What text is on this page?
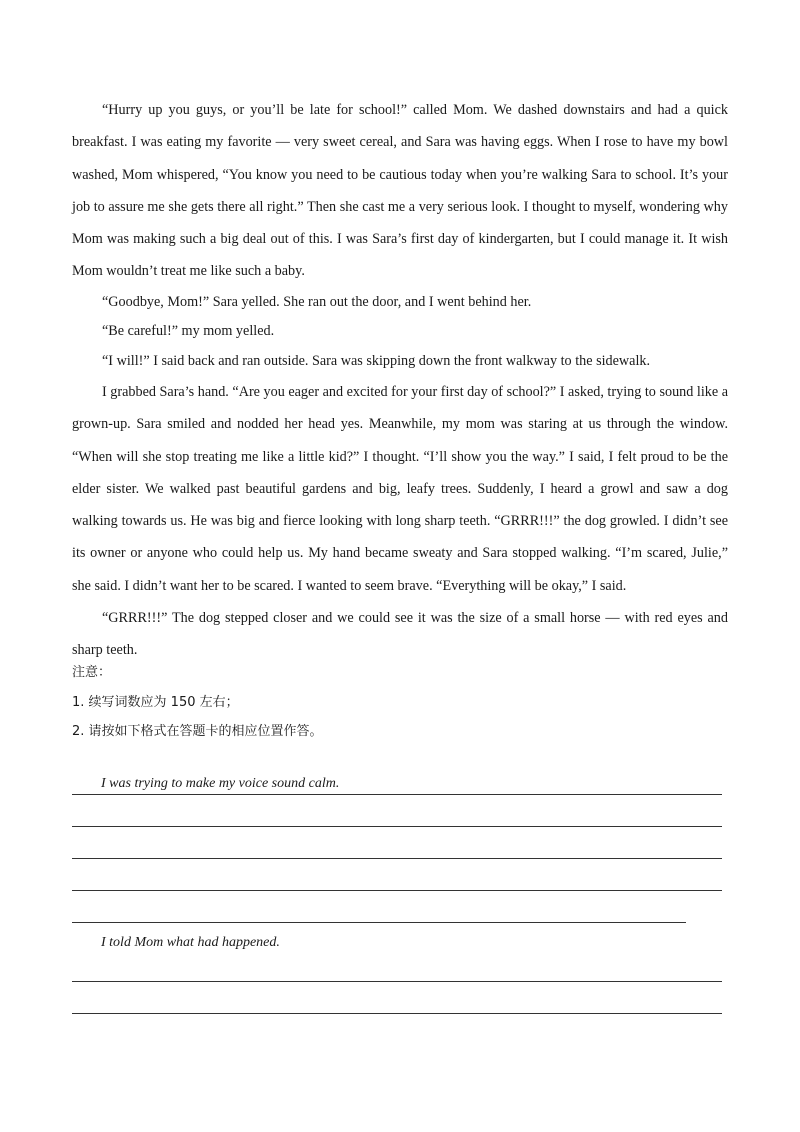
“Hurry up you guys, or you’ll be late for school!” called Mom. We dashed downstairs and had a quick breakfast. I was eating my favorite — very sweet cereal, and Sara was having eggs. When I rose to have my bowl washed, Mom whispered, “You know you need to be cautious today when you’re walking Sara to school. It’s your job to assure me she gets there all right.” Then she cast me a very serious look. I thought to myself, wondering why Mom was making such a big deal out of this. I was Sara’s first day of kindergarten, but I could manage it. It wish Mom wouldn’t treat me like such a baby.

“Goodbye, Mom!” Sara yelled. She ran out the door, and I went behind her.

“Be careful!” my mom yelled.

“I will!” I said back and ran outside. Sara was skipping down the front walkway to the sidewalk.

I grabbed Sara’s hand. “Are you eager and excited for your first day of school?” I asked, trying to sound like a grown-up. Sara smiled and nodded her head yes. Meanwhile, my mom was staring at us through the window. “When will she stop treating me like a little kid?” I thought. “I’ll show you the way.” I said, I felt proud to be the elder sister. We walked past beautiful gardens and big, leafy trees. Suddenly, I heard a growl and saw a dog walking towards us. He was big and fierce looking with long sharp teeth. “GRRR!!!” the dog growled. I didn’t see its owner or anyone who could help us. My hand became sweaty and Sara stopped walking. “I’m scared, Julie,” she said. I didn’t want her to be scared. I wanted to seem brave. “Everything will be okay,” I said.

“GRRR!!!” The dog stepped closer and we could see it was the size of a small horse — with red eyes and sharp teeth.

注意：

1. 续写词数应为 150 左右；

2. 请按如下格式在答题卡的相应位置作答。

I was trying to make my voice sound calm.
I told Mom what had happened.
